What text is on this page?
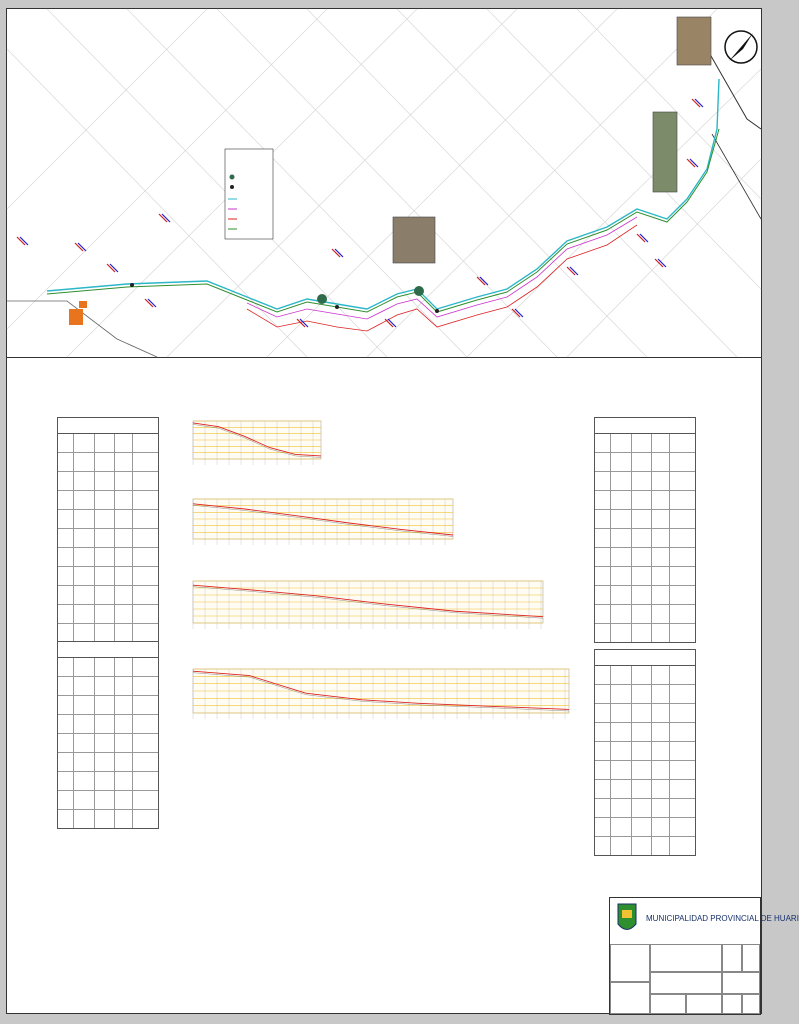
MUNICIPALIDAD PROVINCIAL DE HUARI
